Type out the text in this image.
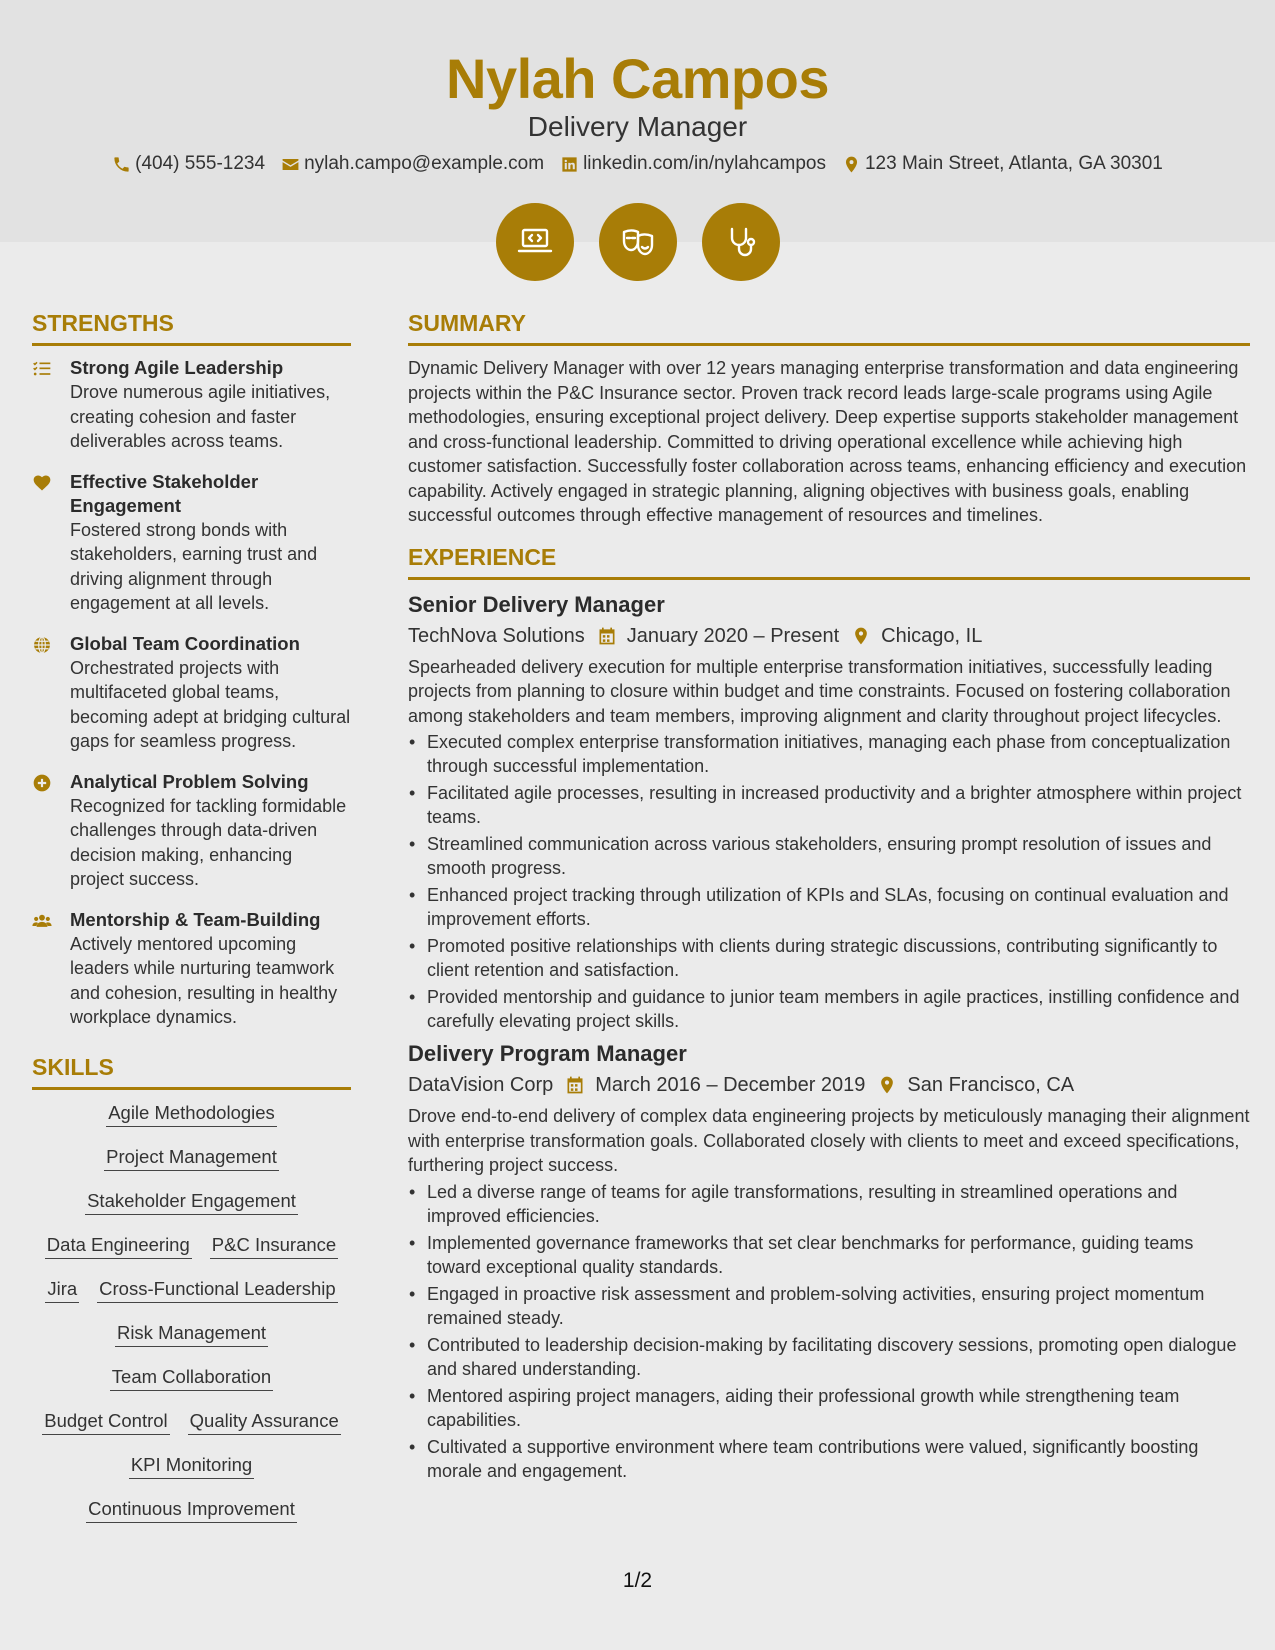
Nylah Campos
Delivery Manager
(404) 555-1234 nylah.campo@example.com linkedin.com/in/nylahcampos 123 Main Street, Atlanta, GA 30301
STRENGTHS
Strong Agile Leadership
Drove numerous agile initiatives, creating cohesion and faster deliverables across teams.
Effective Stakeholder Engagement
Fostered strong bonds with stakeholders, earning trust and driving alignment through engagement at all levels.
Global Team Coordination
Orchestrated projects with multifaceted global teams, becoming adept at bridging cultural gaps for seamless progress.
Analytical Problem Solving
Recognized for tackling formidable challenges through data-driven decision making, enhancing project success.
Mentorship & Team-Building
Actively mentored upcoming leaders while nurturing teamwork and cohesion, resulting in healthy workplace dynamics.
SKILLS
Agile Methodologies
Project Management
Stakeholder Engagement
Data Engineering P&C Insurance
Jira Cross-Functional Leadership
Risk Management
Team Collaboration
Budget Control Quality Assurance
KPI Monitoring
Continuous Improvement
SUMMARY
Dynamic Delivery Manager with over 12 years managing enterprise transformation and data engineering projects within the P&C Insurance sector. Proven track record leads large-scale programs using Agile methodologies, ensuring exceptional project delivery. Deep expertise supports stakeholder management and cross-functional leadership. Committed to driving operational excellence while achieving high customer satisfaction. Successfully foster collaboration across teams, enhancing efficiency and execution capability. Actively engaged in strategic planning, aligning objectives with business goals, enabling successful outcomes through effective management of resources and timelines.
EXPERIENCE
Senior Delivery Manager
TechNova Solutions January 2020 – Present Chicago, IL
Spearheaded delivery execution for multiple enterprise transformation initiatives, successfully leading projects from planning to closure within budget and time constraints. Focused on fostering collaboration among stakeholders and team members, improving alignment and clarity throughout project lifecycles.
• Executed complex enterprise transformation initiatives, managing each phase from conceptualization through successful implementation.
• Facilitated agile processes, resulting in increased productivity and a brighter atmosphere within project teams.
• Streamlined communication across various stakeholders, ensuring prompt resolution of issues and smooth progress.
• Enhanced project tracking through utilization of KPIs and SLAs, focusing on continual evaluation and improvement efforts.
• Promoted positive relationships with clients during strategic discussions, contributing significantly to client retention and satisfaction.
• Provided mentorship and guidance to junior team members in agile practices, instilling confidence and carefully elevating project skills.
Delivery Program Manager
DataVision Corp March 2016 – December 2019 San Francisco, CA
Drove end-to-end delivery of complex data engineering projects by meticulously managing their alignment with enterprise transformation goals. Collaborated closely with clients to meet and exceed specifications, furthering project success.
• Led a diverse range of teams for agile transformations, resulting in streamlined operations and improved efficiencies.
• Implemented governance frameworks that set clear benchmarks for performance, guiding teams toward exceptional quality standards.
• Engaged in proactive risk assessment and problem-solving activities, ensuring project momentum remained steady.
• Contributed to leadership decision-making by facilitating discovery sessions, promoting open dialogue and shared understanding.
• Mentored aspiring project managers, aiding their professional growth while strengthening team capabilities.
• Cultivated a supportive environment where team contributions were valued, significantly boosting morale and engagement.
1/2
